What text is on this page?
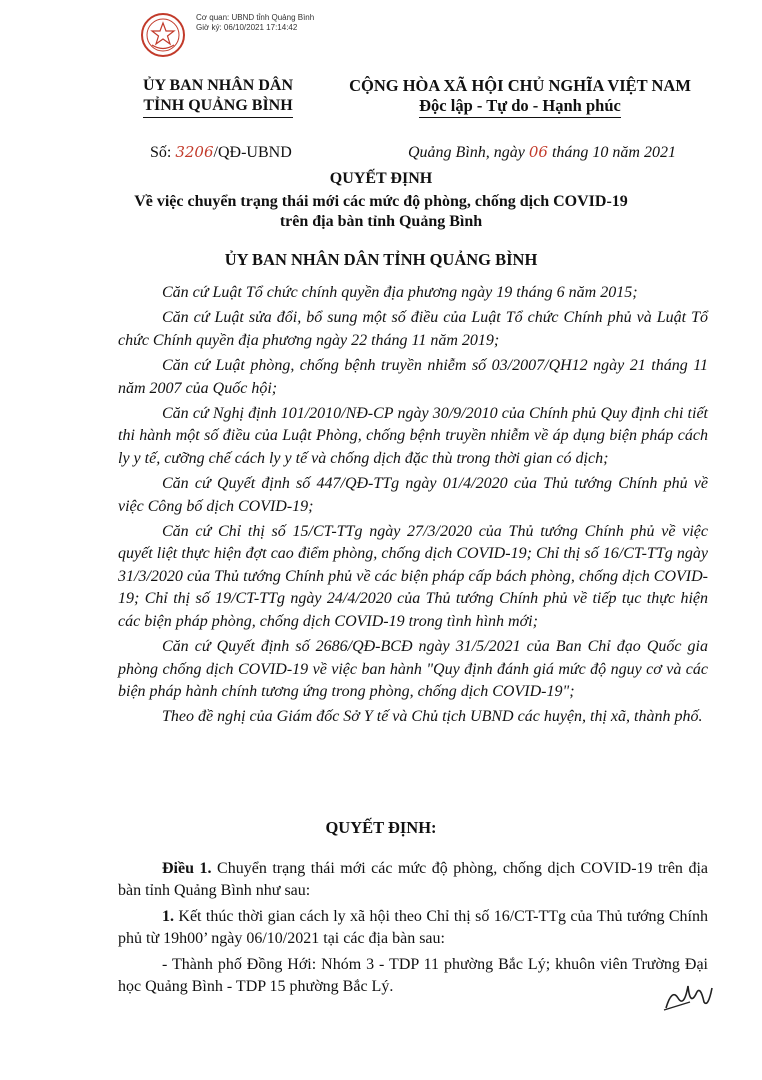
Cơ quan: UBND tỉnh Quảng Bình
Giờ ký: 06/10/2021 17:14:42
ỦY BAN NHÂN DÂN
TỈNH QUẢNG BÌNH
CỘNG HÒA XÃ HỘI CHỦ NGHĨA VIỆT NAM
Độc lập - Tự do - Hạnh phúc
Số: 3206/QĐ-UBND	Quảng Bình, ngày 06 tháng 10 năm 2021
QUYẾT ĐỊNH
Về việc chuyển trạng thái mới các mức độ phòng, chống dịch COVID-19
trên địa bàn tỉnh Quảng Bình
ỦY BAN NHÂN DÂN TỈNH QUẢNG BÌNH

Căn cứ Luật Tổ chức chính quyền địa phương ngày 19 tháng 6 năm 2015;

Căn cứ Luật sửa đổi, bổ sung một số điều của Luật Tổ chức Chính phủ và Luật Tổ chức Chính quyền địa phương ngày 22 tháng 11 năm 2019;

Căn cứ Luật phòng, chống bệnh truyền nhiễm số 03/2007/QH12 ngày 21 tháng 11 năm 2007 của Quốc hội;

Căn cứ Nghị định 101/2010/NĐ-CP ngày 30/9/2010 của Chính phủ Quy định chi tiết thi hành một số điều của Luật Phòng, chống bệnh truyền nhiễm về áp dụng biện pháp cách ly y tế, cưỡng chế cách ly y tế và chống dịch đặc thù trong thời gian có dịch;

Căn cứ Quyết định số 447/QĐ-TTg ngày 01/4/2020 của Thủ tướng Chính phủ về việc Công bố dịch COVID-19;

Căn cứ Chỉ thị số 15/CT-TTg ngày 27/3/2020 của Thủ tướng Chính phủ về việc quyết liệt thực hiện đợt cao điểm phòng, chống dịch COVID-19; Chỉ thị số 16/CT-TTg ngày 31/3/2020 của Thủ tướng Chính phủ về các biện pháp cấp bách phòng, chống dịch COVID-19; Chỉ thị số 19/CT-TTg ngày 24/4/2020 của Thủ tướng Chính phủ về tiếp tục thực hiện các biện pháp phòng, chống dịch COVID-19 trong tình hình mới;

Căn cứ Quyết định số 2686/QĐ-BCĐ ngày 31/5/2021 của Ban Chỉ đạo Quốc gia phòng chống dịch COVID-19 về việc ban hành "Quy định đánh giá mức độ nguy cơ và các biện pháp hành chính tương ứng trong phòng, chống dịch COVID-19";

Theo đề nghị của Giám đốc Sở Y tế và Chủ tịch UBND các huyện, thị xã, thành phố.

QUYẾT ĐỊNH:

Điều 1. Chuyển trạng thái mới các mức độ phòng, chống dịch COVID-19 trên địa bàn tỉnh Quảng Bình như sau:

1. Kết thúc thời gian cách ly xã hội theo Chỉ thị số 16/CT-TTg của Thủ tướng Chính phủ từ 19h00’ ngày 06/10/2021 tại các địa bàn sau:

- Thành phố Đồng Hới: Nhóm 3 - TDP 11 phường Bắc Lý; khuôn viên Trường Đại học Quảng Bình - TDP 15 phường Bắc Lý.
